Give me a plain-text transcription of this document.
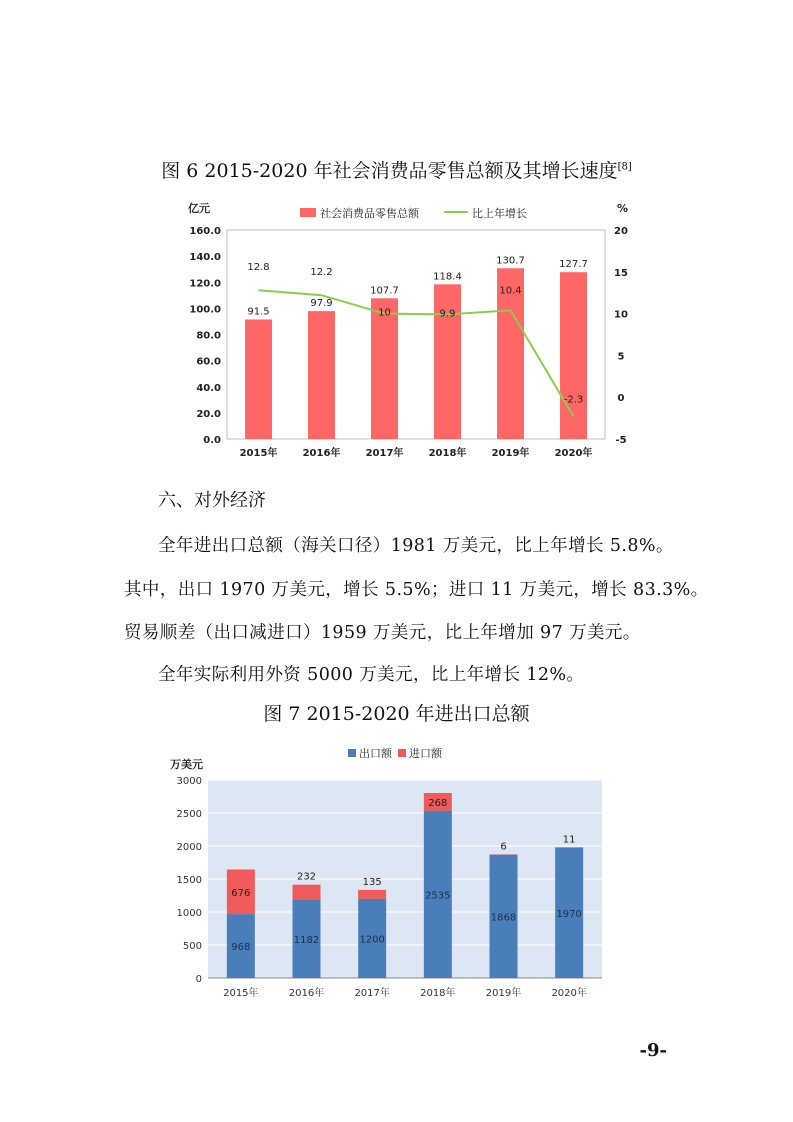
图 6 2015-2020 年社会消费品零售总额及其增长速度[8]
0.0
20.0
40.0
60.0
80.0
100.0
120.0
140.0
160.0
-5
0
5
10
15
20
亿元	%
社会消费品零售总额	比上年增长
91.5
97.9
107.7
118.4
130.7	127.7
2015年	2016年	2017年	2018年	2019年	2020年
12.8	12.2
10	9.9
10.4
-2.3
六、对外经济
全年进出口总额（海关口径）1981 万美元，比上年增长 5.8%。
其中，出口 1970 万美元，增长 5.5%；进口 11 万美元，增长 83.3%。
贸易顺差（出口减进口）1959 万美元，比上年增加 97 万美元。
全年实际利用外资 5000 万美元，比上年增长 12%。
图 7 2015-2020 年进出口总额
0
500
1000
1500
2000
2500
3000
万美元
出口额 进口额
968
676
2015年
1182
232
2016年
1200
135
2017年
2535
268
2018年
1868
6
2019年
1970
11
2020年
-9-
